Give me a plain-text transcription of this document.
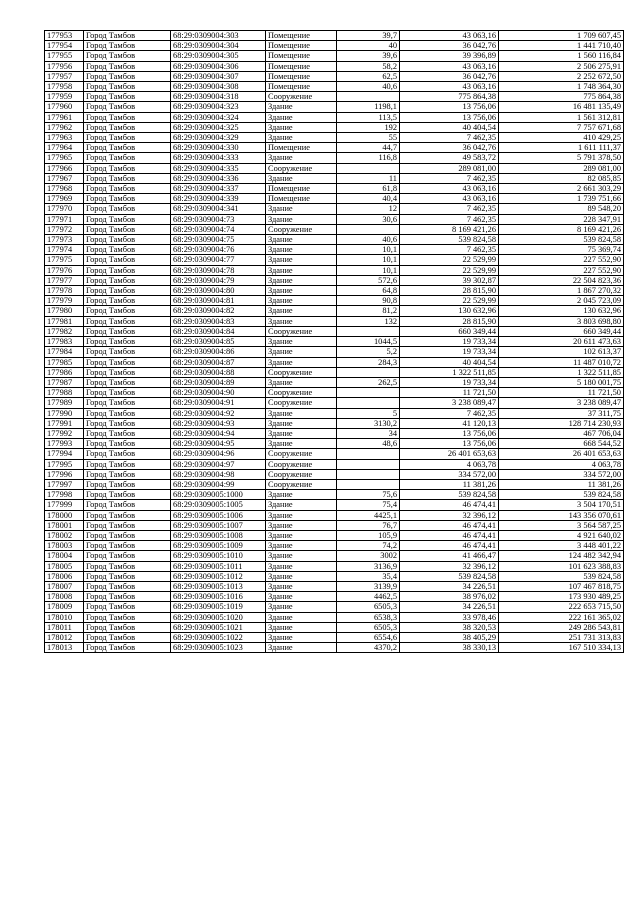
177953	Город Тамбов	68:29:0309004:303	Помещение	39,7	43 063,16	1 709 607,45
177954	Город Тамбов	68:29:0309004:304	Помещение	40	36 042,76	1 441 710,40
177955	Город Тамбов	68:29:0309004:305	Помещение	39,6	39 396,89	1 560 116,84
177956	Город Тамбов	68:29:0309004:306	Помещение	58,2	43 063,16	2 506 275,91
177957	Город Тамбов	68:29:0309004:307	Помещение	62,5	36 042,76	2 252 672,50
177958	Город Тамбов	68:29:0309004:308	Помещение	40,6	43 063,16	1 748 364,30
177959	Город Тамбов	68:29:0309004:318	Сооружение		775 864,38	775 864,38
177960	Город Тамбов	68:29:0309004:323	Здание	1198,1	13 756,06	16 481 135,49
177961	Город Тамбов	68:29:0309004:324	Здание	113,5	13 756,06	1 561 312,81
177962	Город Тамбов	68:29:0309004:325	Здание	192	40 404,54	7 757 671,68
177963	Город Тамбов	68:29:0309004:329	Здание	55	7 462,35	410 429,25
177964	Город Тамбов	68:29:0309004:330	Помещение	44,7	36 042,76	1 611 111,37
177965	Город Тамбов	68:29:0309004:333	Здание	116,8	49 583,72	5 791 378,50
177966	Город Тамбов	68:29:0309004:335	Сооружение		289 081,00	289 081,00
177967	Город Тамбов	68:29:0309004:336	Здание	11	7 462,35	82 085,85
177968	Город Тамбов	68:29:0309004:337	Помещение	61,8	43 063,16	2 661 303,29
177969	Город Тамбов	68:29:0309004:339	Помещение	40,4	43 063,16	1 739 751,66
177970	Город Тамбов	68:29:0309004:341	Здание	12	7 462,35	89 548,20
177971	Город Тамбов	68:29:0309004:73	Здание	30,6	7 462,35	228 347,91
177972	Город Тамбов	68:29:0309004:74	Сооружение		8 169 421,26	8 169 421,26
177973	Город Тамбов	68:29:0309004:75	Здание	40,6	539 824,58	539 824,58
177974	Город Тамбов	68:29:0309004:76	Здание	10,1	7 462,35	75 369,74
177975	Город Тамбов	68:29:0309004:77	Здание	10,1	22 529,99	227 552,90
177976	Город Тамбов	68:29:0309004:78	Здание	10,1	22 529,99	227 552,90
177977	Город Тамбов	68:29:0309004:79	Здание	572,6	39 302,87	22 504 823,36
177978	Город Тамбов	68:29:0309004:80	Здание	64,8	28 815,90	1 867 270,32
177979	Город Тамбов	68:29:0309004:81	Здание	90,8	22 529,99	2 045 723,09
177980	Город Тамбов	68:29:0309004:82	Здание	81,2	130 632,96	130 632,96
177981	Город Тамбов	68:29:0309004:83	Здание	132	28 815,90	3 803 698,80
177982	Город Тамбов	68:29:0309004:84	Сооружение		660 349,44	660 349,44
177983	Город Тамбов	68:29:0309004:85	Здание	1044,5	19 733,34	20 611 473,63
177984	Город Тамбов	68:29:0309004:86	Здание	5,2	19 733,34	102 613,37
177985	Город Тамбов	68:29:0309004:87	Здание	284,3	40 404,54	11 487 010,72
177986	Город Тамбов	68:29:0309004:88	Сооружение		1 322 511,85	1 322 511,85
177987	Город Тамбов	68:29:0309004:89	Здание	262,5	19 733,34	5 180 001,75
177988	Город Тамбов	68:29:0309004:90	Сооружение		11 721,50	11 721,50
177989	Город Тамбов	68:29:0309004:91	Сооружение		3 238 089,47	3 238 089,47
177990	Город Тамбов	68:29:0309004:92	Здание	5	7 462,35	37 311,75
177991	Город Тамбов	68:29:0309004:93	Здание	3130,2	41 120,13	128 714 230,93
177992	Город Тамбов	68:29:0309004:94	Здание	34	13 756,06	467 706,04
177993	Город Тамбов	68:29:0309004:95	Здание	48,6	13 756,06	668 544,52
177994	Город Тамбов	68:29:0309004:96	Сооружение		26 401 653,63	26 401 653,63
177995	Город Тамбов	68:29:0309004:97	Сооружение		4 063,78	4 063,78
177996	Город Тамбов	68:29:0309004:98	Сооружение		334 572,00	334 572,00
177997	Город Тамбов	68:29:0309004:99	Сооружение		11 381,26	11 381,26
177998	Город Тамбов	68:29:0309005:1000	Здание	75,6	539 824,58	539 824,58
177999	Город Тамбов	68:29:0309005:1005	Здание	75,4	46 474,41	3 504 170,51
178000	Город Тамбов	68:29:0309005:1006	Здание	4425,1	32 396,12	143 356 070,61
178001	Город Тамбов	68:29:0309005:1007	Здание	76,7	46 474,41	3 564 587,25
178002	Город Тамбов	68:29:0309005:1008	Здание	105,9	46 474,41	4 921 640,02
178003	Город Тамбов	68:29:0309005:1009	Здание	74,2	46 474,41	3 448 401,22
178004	Город Тамбов	68:29:0309005:1010	Здание	3002	41 466,47	124 482 342,94
178005	Город Тамбов	68:29:0309005:1011	Здание	3136,9	32 396,12	101 623 388,83
178006	Город Тамбов	68:29:0309005:1012	Здание	35,4	539 824,58	539 824,58
178007	Город Тамбов	68:29:0309005:1013	Здание	3139,9	34 226,51	107 467 818,75
178008	Город Тамбов	68:29:0309005:1016	Здание	4462,5	38 976,02	173 930 489,25
178009	Город Тамбов	68:29:0309005:1019	Здание	6505,3	34 226,51	222 653 715,50
178010	Город Тамбов	68:29:0309005:1020	Здание	6538,3	33 978,46	222 161 365,02
178011	Город Тамбов	68:29:0309005:1021	Здание	6505,3	38 320,53	249 286 543,81
178012	Город Тамбов	68:29:0309005:1022	Здание	6554,6	38 405,29	251 731 313,83
178013	Город Тамбов	68:29:0309005:1023	Здание	4370,2	38 330,13	167 510 334,13
